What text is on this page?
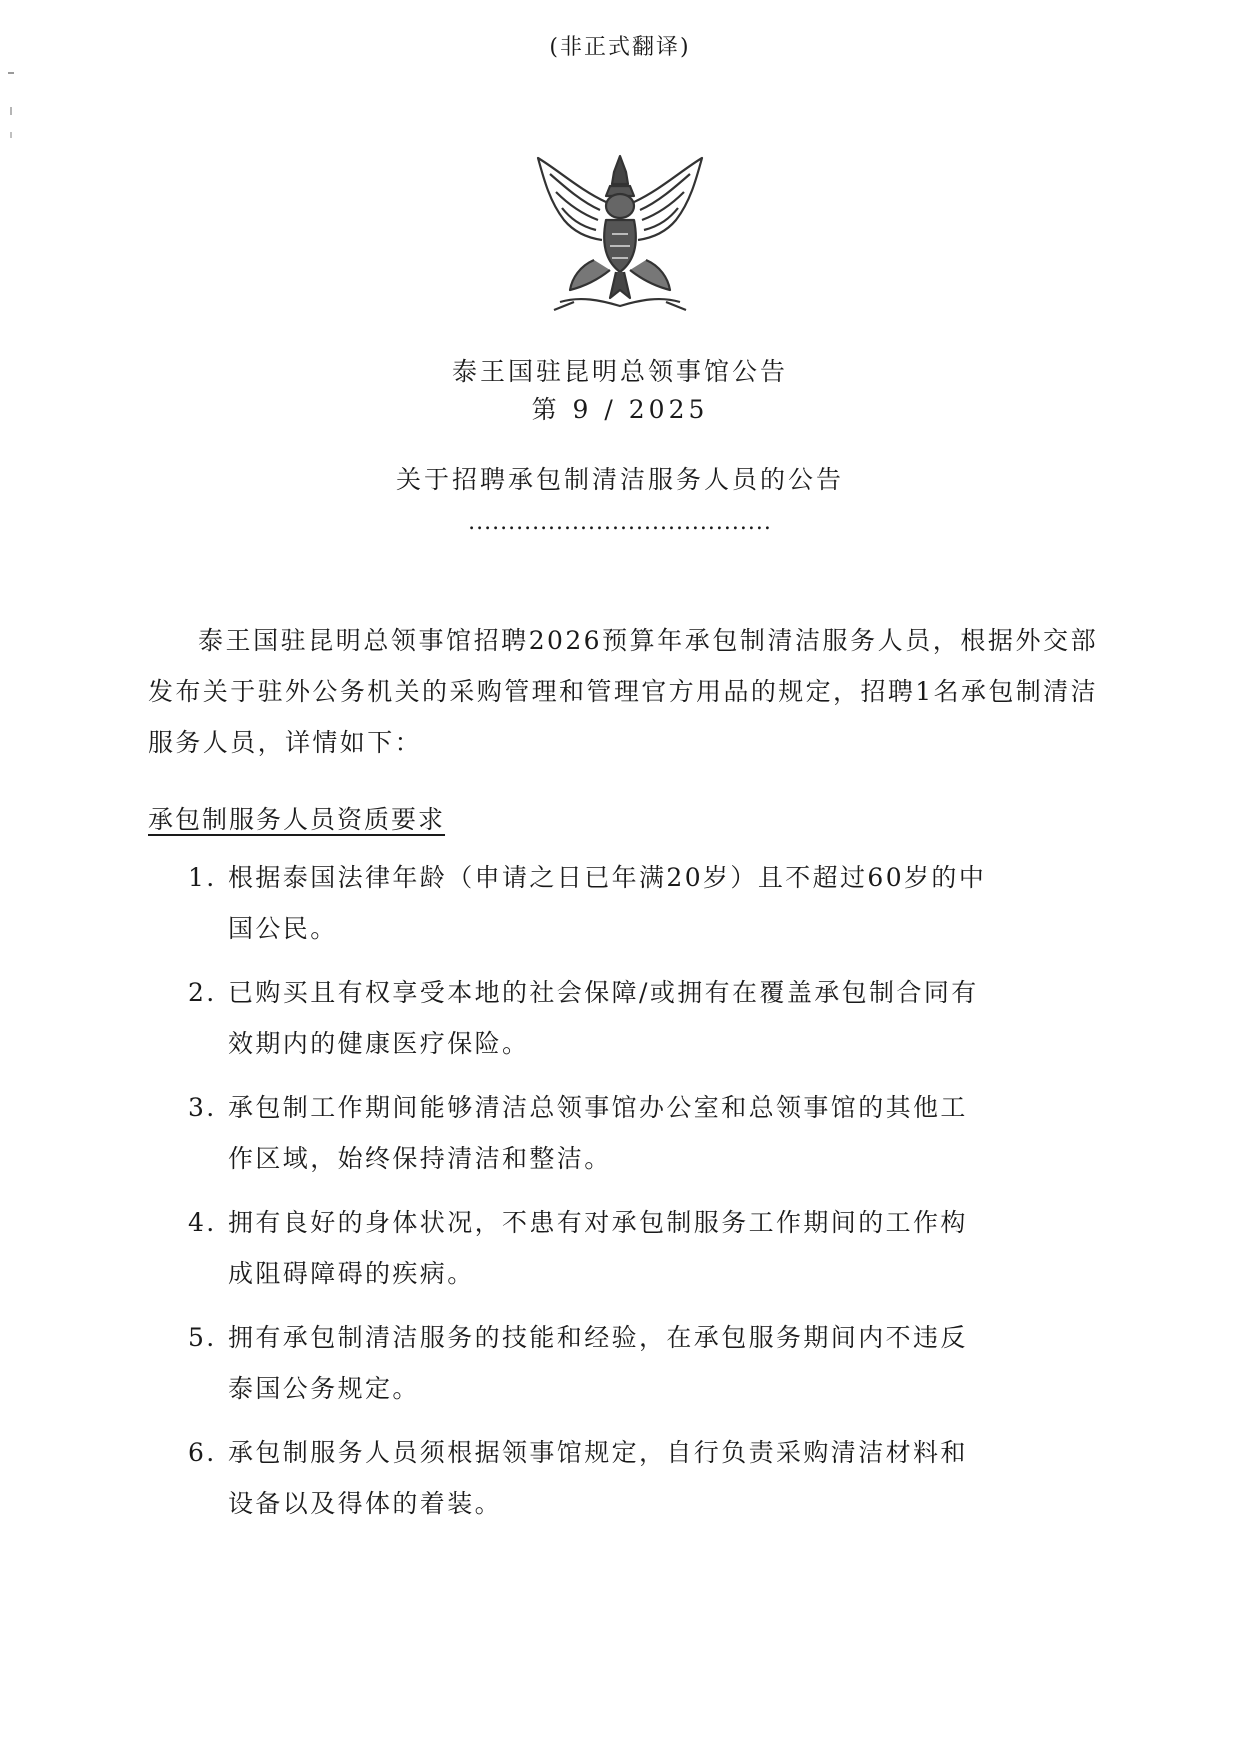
(非正式翻译)
泰王国驻昆明总领事馆公告
第 9 / 2025
关于招聘承包制清洁服务人员的公告
......................................
泰王国驻昆明总领事馆招聘2026预算年承包制清洁服务人员，根据外交部发布关于驻外公务机关的采购管理和管理官方用品的规定，招聘1名承包制清洁服务人员，详情如下：
承包制服务人员资质要求
1. 根据泰国法律年龄（申请之日已年满20岁）且不超过60岁的中国公民。
2. 已购买且有权享受本地的社会保障/或拥有在覆盖承包制合同有效期内的健康医疗保险。
3. 承包制工作期间能够清洁总领事馆办公室和总领事馆的其他工作区域，始终保持清洁和整洁。
4. 拥有良好的身体状况，不患有对承包制服务工作期间的工作构成阻碍障碍的疾病。
5. 拥有承包制清洁服务的技能和经验，在承包服务期间内不违反泰国公务规定。
6. 承包制服务人员须根据领事馆规定，自行负责采购清洁材料和设备以及得体的着装。
